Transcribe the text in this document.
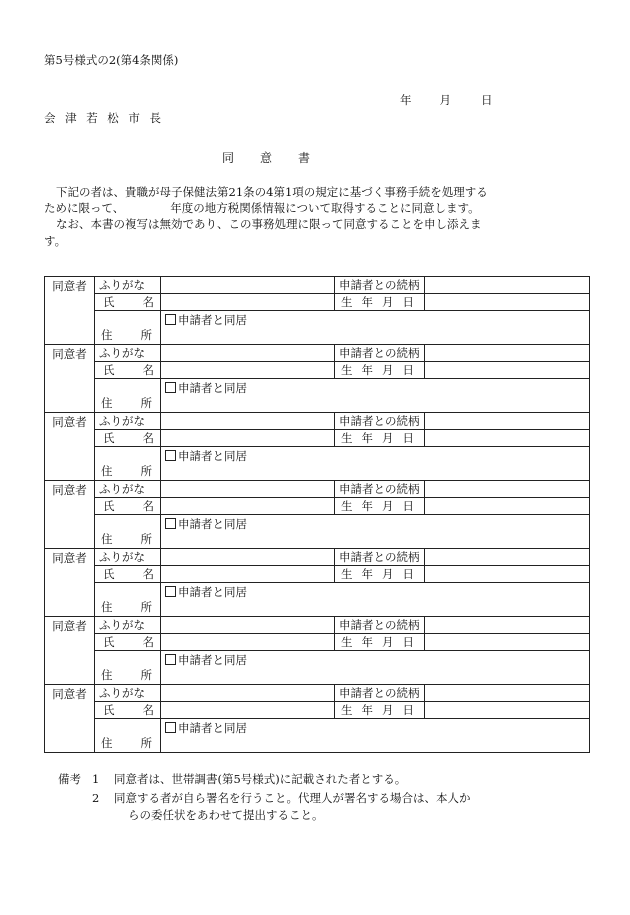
第5号様式の2(第4条関係)
年 月	日
会津若松市長
同意書

下記の者は、貴職が母子保健法第21条の4第1項の規定に基づく事務手続を処理するために限って、	年度の地方税関係情報について取得することに同意します。

なお、本書の複写は無効であり、この事務処理に限って同意することを申し添えます。

同意者	ふりがな		申請者との続柄	

	氏 名		生 年 月 日	

	住 所	申請者と同居		
同意者	ふりがな		申請者との続柄	

	氏 名		生 年 月 日	

	住 所	申請者と同居		
同意者	ふりがな		申請者との続柄	

	氏 名		生 年 月 日	

	住 所	申請者と同居		
同意者	ふりがな		申請者との続柄	

	氏 名		生 年 月 日	

	住 所	申請者と同居		
同意者	ふりがな		申請者との続柄	

	氏 名		生 年 月 日	

	住 所	申請者と同居		
同意者	ふりがな		申請者との続柄	

	氏 名		生 年 月 日	

	住 所	申請者と同居		
同意者	ふりがな		申請者との続柄	

	氏 名		生 年 月 日	

	住 所	申請者と同居		
備考 1	同意者は、世帯調書(第5号様式)に記載された者とする。
2	同意する者が自ら署名を行うこと。代理人が署名する場合は、本人か
らの委任状をあわせて提出すること。
